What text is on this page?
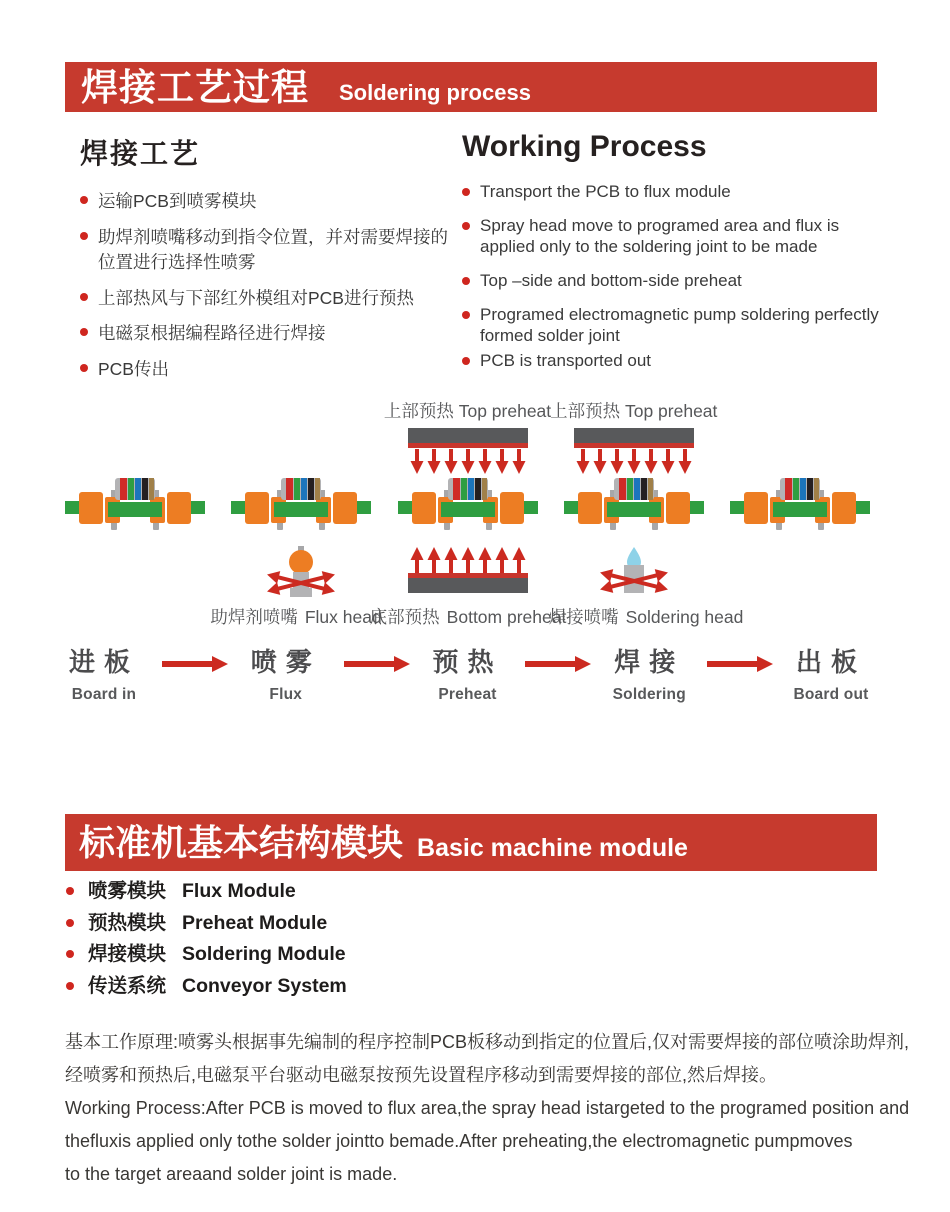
焊接工艺过程 Soldering process
焊接工艺
运输PCB到喷雾模块
助焊剂喷嘴移动到指令位置，并对需要焊接的位置进行选择性喷雾
上部热风与下部红外模组对PCB进行预热
电磁泵根据编程路径进行焊接
PCB传出
Working Process
Transport the PCB to flux module
Spray head move to programed area and flux is applied only to the soldering joint to be made
Top –side and bottom-side preheat
Programed electromagnetic pump soldering perfectly formed solder joint
PCB is transported out
上部预热 Top preheat
上部预热 Top preheat
助焊剂喷嘴 Flux head
底部预热 Bottom preheat
焊接喷嘴 Soldering head
进板
Board in
喷雾
Flux
预热
Preheat
焊接
Soldering
出板
Board out
标准机基本结构模块 Basic machine module
喷雾模块 Flux Module
预热模块 Preheat Module
焊接模块 Soldering Module
传送系统 Conveyor System
基本工作原理:喷雾头根据事先编制的程序控制PCB板移动到指定的位置后,仅对需要焊接的部位喷涂助焊剂,
经喷雾和预热后,电磁泵平台驱动电磁泵按预先设置程序移动到需要焊接的部位,然后焊接。
Working Process:After PCB is moved to flux area,the spray head istargeted to the programed position and
thefluxis applied only tothe solder jointto bemade.After preheating,the electromagnetic pumpmoves
to the target areaand solder joint is made.
